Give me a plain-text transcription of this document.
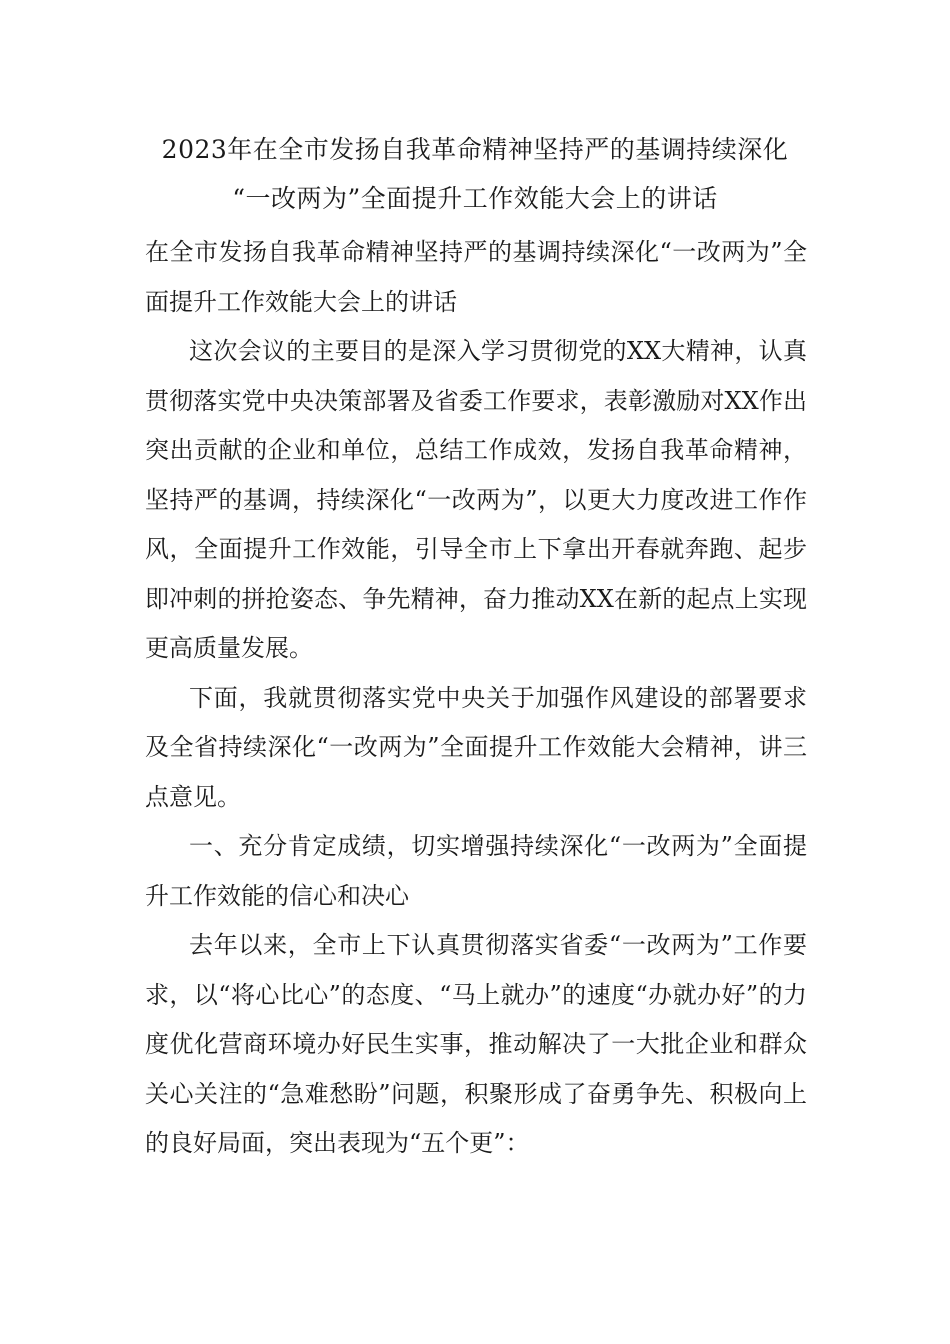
2023年在全市发扬自我革命精神坚持严的基调持续深化
“一改两为”全面提升工作效能大会上的讲话

在全市发扬自我革命精神坚持严的基调持续深化“一改两为”全面提升工作效能大会上的讲话

这次会议的主要目的是深入学习贯彻党的XX大精神，认真贯彻落实党中央决策部署及省委工作要求，表彰激励对XX作出突出贡献的企业和单位，总结工作成效，发扬自我革命精神，坚持严的基调，持续深化“一改两为”，以更大力度改进工作作风，全面提升工作效能，引导全市上下拿出开春就奔跑、起步即冲刺的拼抢姿态、争先精神，奋力推动XX在新的起点上实现更高质量发展。

下面，我就贯彻落实党中央关于加强作风建设的部署要求及全省持续深化“一改两为”全面提升工作效能大会精神，讲三点意见。

一、充分肯定成绩，切实增强持续深化“一改两为”全面提升工作效能的信心和决心

去年以来，全市上下认真贯彻落实省委“一改两为”工作要求，以“将心比心”的态度、“马上就办”的速度“办就办好”的力度优化营商环境办好民生实事，推动解决了一大批企业和群众关心关注的“急难愁盼”问题，积聚形成了奋勇争先、积极向上的良好局面，突出表现为“五个更”：
